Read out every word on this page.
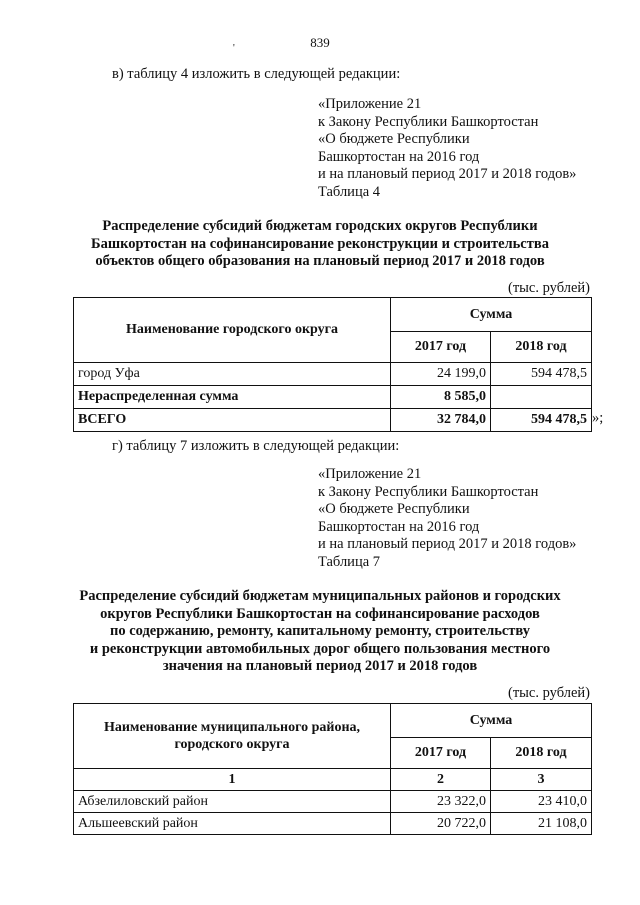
839
'
в) таблицу 4 изложить в следующей редакции:
«Приложение 21
к Закону Республики Башкортостан
«О бюджете Республики
Башкортостан на 2016 год
и на плановый период 2017 и 2018 годов»
Таблица 4
Распределение субсидий бюджетам городских округов Республики
Башкортостан на софинансирование реконструкции и строительства
объектов общего образования на плановый период 2017 и 2018 годов
(тыс. рублей)
Наименование городского округа	Сумма	
	2017 год	2018 год
город Уфа	24 199,0	594 478,5
Нераспределенная сумма	8 585,0	
ВСЕГО	32 784,0	594 478,5 »;
г) таблицу 7 изложить в следующей редакции:
«Приложение 21
к Закону Республики Башкортостан
«О бюджете Республики
Башкортостан на 2016 год
и на плановый период 2017 и 2018 годов»
Таблица 7
Распределение субсидий бюджетам муниципальных районов и городских
округов Республики Башкортостан на софинансирование расходов
по содержанию, ремонту, капитальному ремонту, строительству
и реконструкции автомобильных дорог общего пользования местного
значения на плановый период 2017 и 2018 годов
(тыс. рублей)
Наименование муниципального района,
городского округа	Сумма	
	2017 год	2018 год
1	2	3
Абзелиловский район	23 322,0	23 410,0
Альшеевский район	20 722,0	21 108,0
